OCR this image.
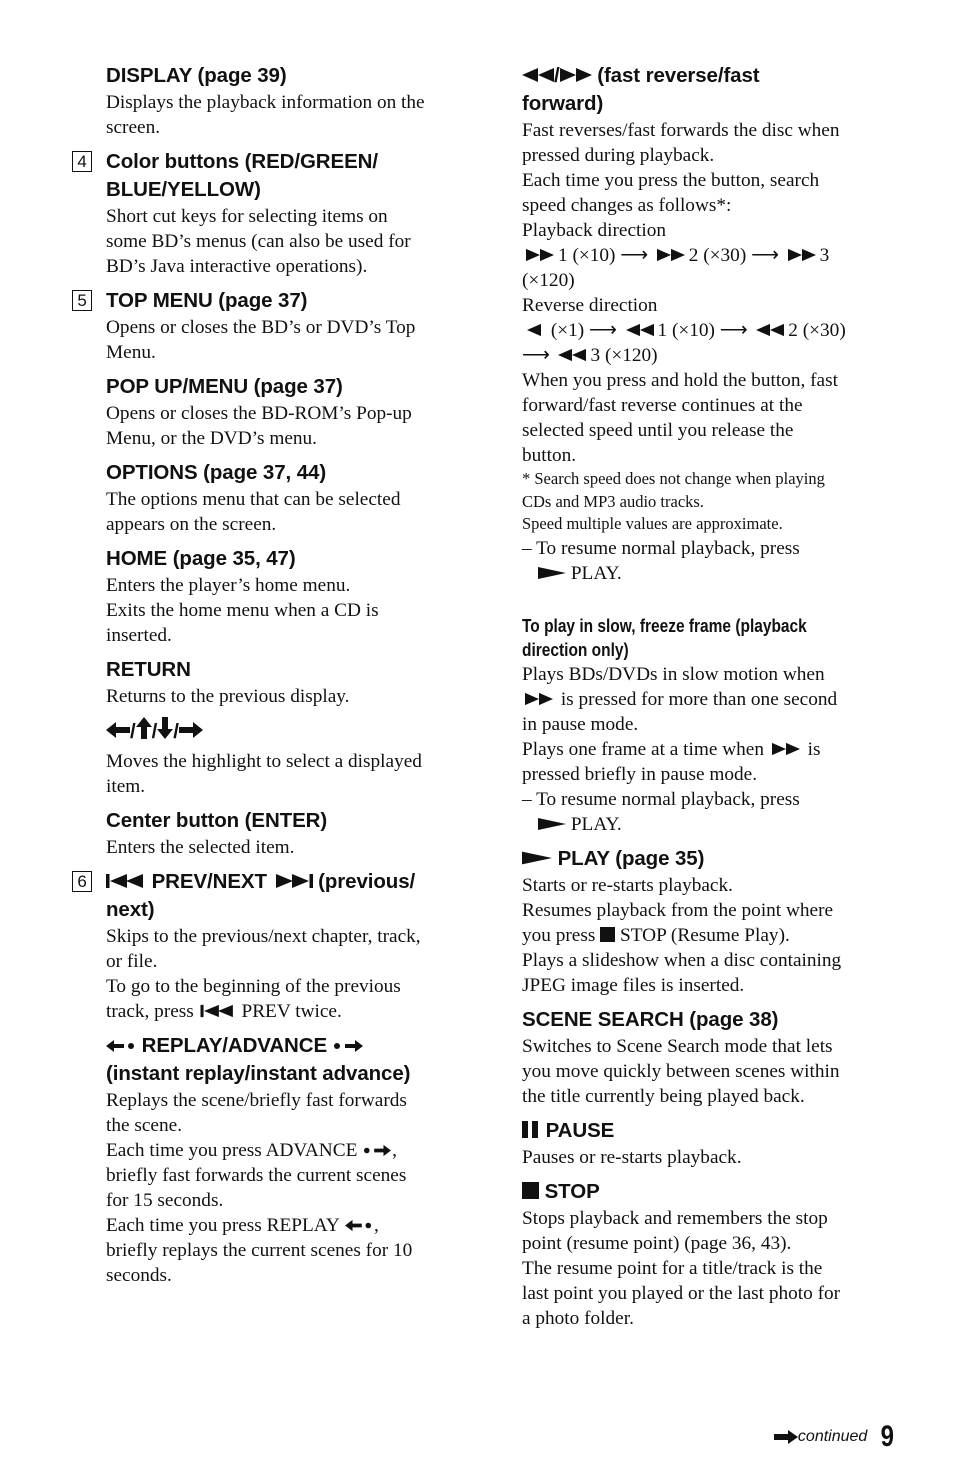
DISPLAY (page 39)

Displays the playback information on the

screen.

4 Color buttons (RED/GREEN/
BLUE/YELLOW)

Short cut keys for selecting items on

some BD’s menus (can also be used for

BD’s Java interactive operations).

5 TOP MENU (page 37)

Opens or closes the BD’s or DVD’s Top

Menu.

POP UP/MENU (page 37)

Opens or closes the BD-ROM’s Pop-up

Menu, or the DVD’s menu.

OPTIONS (page 37, 44)

The options menu that can be selected

appears on the screen.

HOME (page 35, 47)

Enters the player’s home menu.

Exits the home menu when a CD is

inserted.

RETURN

Returns to the previous display.

/ / /

Moves the highlight to select a displayed

item.

Center button (ENTER)

Enters the selected item.

6	PREV/NEXT (previous/
next)

Skips to the previous/next chapter, track,

or file.

To go to the beginning of the previous

track, press PREV twice.

REPLAY/ADVANCE
(instant replay/instant advance)

Replays the scene/briefly fast forwards

the scene.

Each time you press ADVANCE ,

briefly fast forwards the current scenes

for 15 seconds.

Each time you press REPLAY ,

briefly replays the current scenes for 10

seconds.

/ (fast reverse/fast
forward)

Fast reverses/fast forwards the disc when

pressed during playback.

Each time you press the button, search

speed changes as follows*:

Playback direction

1 (×10) ⟶ 2 (×30) ⟶ 3

(×120)

Reverse direction

(×1) ⟶ 1 (×10) ⟶ 2 (×30)

⟶ 3 (×120)

When you press and hold the button, fast

forward/fast reverse continues at the

selected speed until you release the

button.

* Search speed does not change when playing

CDs and MP3 audio tracks.

Speed multiple values are approximate.

– To resume normal playback, press

PLAY.

To play in slow, freeze frame (playback

direction only)

Plays BDs/DVDs in slow motion when

is pressed for more than one second

in pause mode.

Plays one frame at a time when is

pressed briefly in pause mode.

– To resume normal playback, press

PLAY.

PLAY (page 35)

Starts or re-starts playback.

Resumes playback from the point where

you press STOP (Resume Play).

Plays a slideshow when a disc containing

JPEG image files is inserted.

SCENE SEARCH (page 38)

Switches to Scene Search mode that lets

you move quickly between scenes within

the title currently being played back.

PAUSE

Pauses or re-starts playback.

STOP

Stops playback and remembers the stop

point (resume point) (page 36, 43).

The resume point for a title/track is the

last point you played or the last photo for

a photo folder.

continued 9
